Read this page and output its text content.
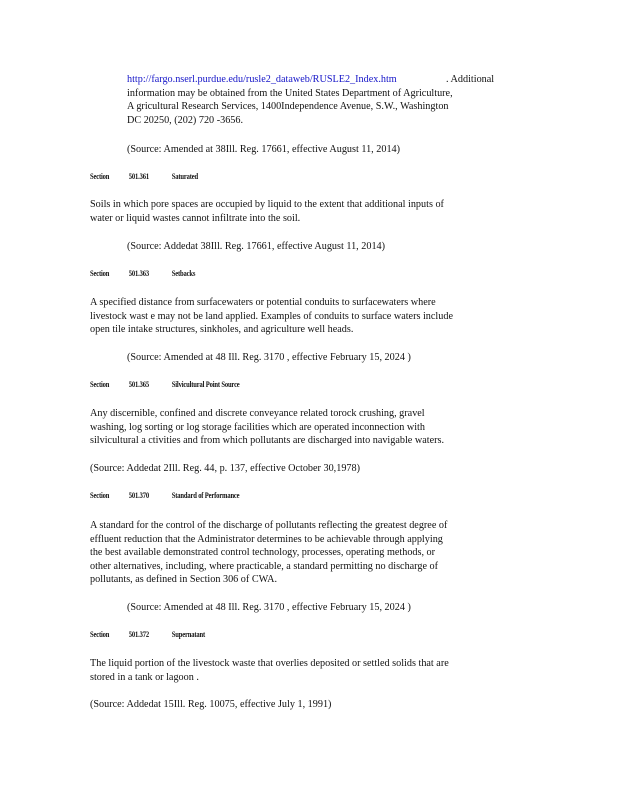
http://fargo.nserl.purdue.edu/rusle2_dataweb/RUSLE2_Index.htm	. Additional
information may be obtained from the United States Department of Agriculture,
A gricultural Research Services, 1400Independence Avenue, S.W., Washington
DC 20250, (202) 720 -3656.

(Source: Amended at 38Ill. Reg. 17661, effective August 11, 2014)

Section 501.361	Saturated
Soils in which pore spaces are occupied by liquid to the extent that additional inputs of
water or liquid wastes cannot infiltrate into the soil.

(Source: Addedat 38Ill. Reg. 17661, effective August 11, 2014)

Section 501.363	Setbacks
A specified distance from surfacewaters or potential conduits to surfacewaters where
livestock wast e may not be land applied. Examples of conduits to surface waters include
open tile intake structures, sinkholes, and agriculture well heads.

(Source: Amended at 48 Ill. Reg. 3170 , effective February 15, 2024 )

Section 501.365	Silvicultural Point Source
Any discernible, confined and discrete conveyance related torock crushing, gravel
washing, log sorting or log storage facilities which are operated inconnection with
silvicultural a ctivities and from which pollutants are discharged into navigable waters.

(Source: Addedat 2Ill. Reg. 44, p. 137, effective October 30,1978)

Section 501.370	Standard of Performance
A standard for the control of the discharge of pollutants reflecting the greatest degree of
effluent reduction that the Administrator determines to be achievable through applying
the best available demonstrated control technology, processes, operating methods, or
other alternatives, including, where practicable, a standard permitting no discharge of
pollutants, as defined in Section 306 of CWA.

(Source: Amended at 48 Ill. Reg. 3170 , effective February 15, 2024 )

Section 501.372	Supernatant
The liquid portion of the livestock waste that overlies deposited or settled solids that are
stored in a tank or lagoon .

(Source: Addedat 15Ill. Reg. 10075, effective July 1, 1991)
